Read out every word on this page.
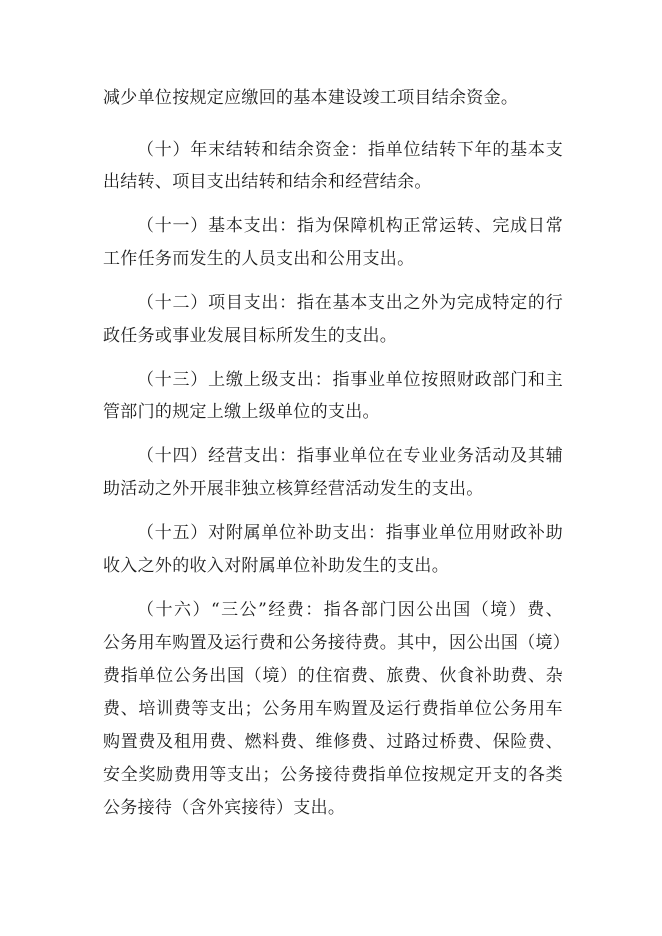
减少单位按规定应缴回的基本建设竣工项目结余资金。
（十）年末结转和结余资金：指单位结转下年的基本支
出结转、项目支出结转和结余和经营结余。
（十一）基本支出：指为保障机构正常运转、完成日常
工作任务而发生的人员支出和公用支出。
（十二）项目支出：指在基本支出之外为完成特定的行
政任务或事业发展目标所发生的支出。
（十三）上缴上级支出：指事业单位按照财政部门和主
管部门的规定上缴上级单位的支出。
（十四）经营支出：指事业单位在专业业务活动及其辅
助活动之外开展非独立核算经营活动发生的支出。
（十五）对附属单位补助支出：指事业单位用财政补助
收入之外的收入对附属单位补助发生的支出。
（十六）“三公”经费：指各部门因公出国（境）费、
公务用车购置及运行费和公务接待费。其中，因公出国（境）
费指单位公务出国（境）的住宿费、旅费、伙食补助费、杂
费、培训费等支出；公务用车购置及运行费指单位公务用车
购置费及租用费、燃料费、维修费、过路过桥费、保险费、
安全奖励费用等支出；公务接待费指单位按规定开支的各类
公务接待（含外宾接待）支出。
